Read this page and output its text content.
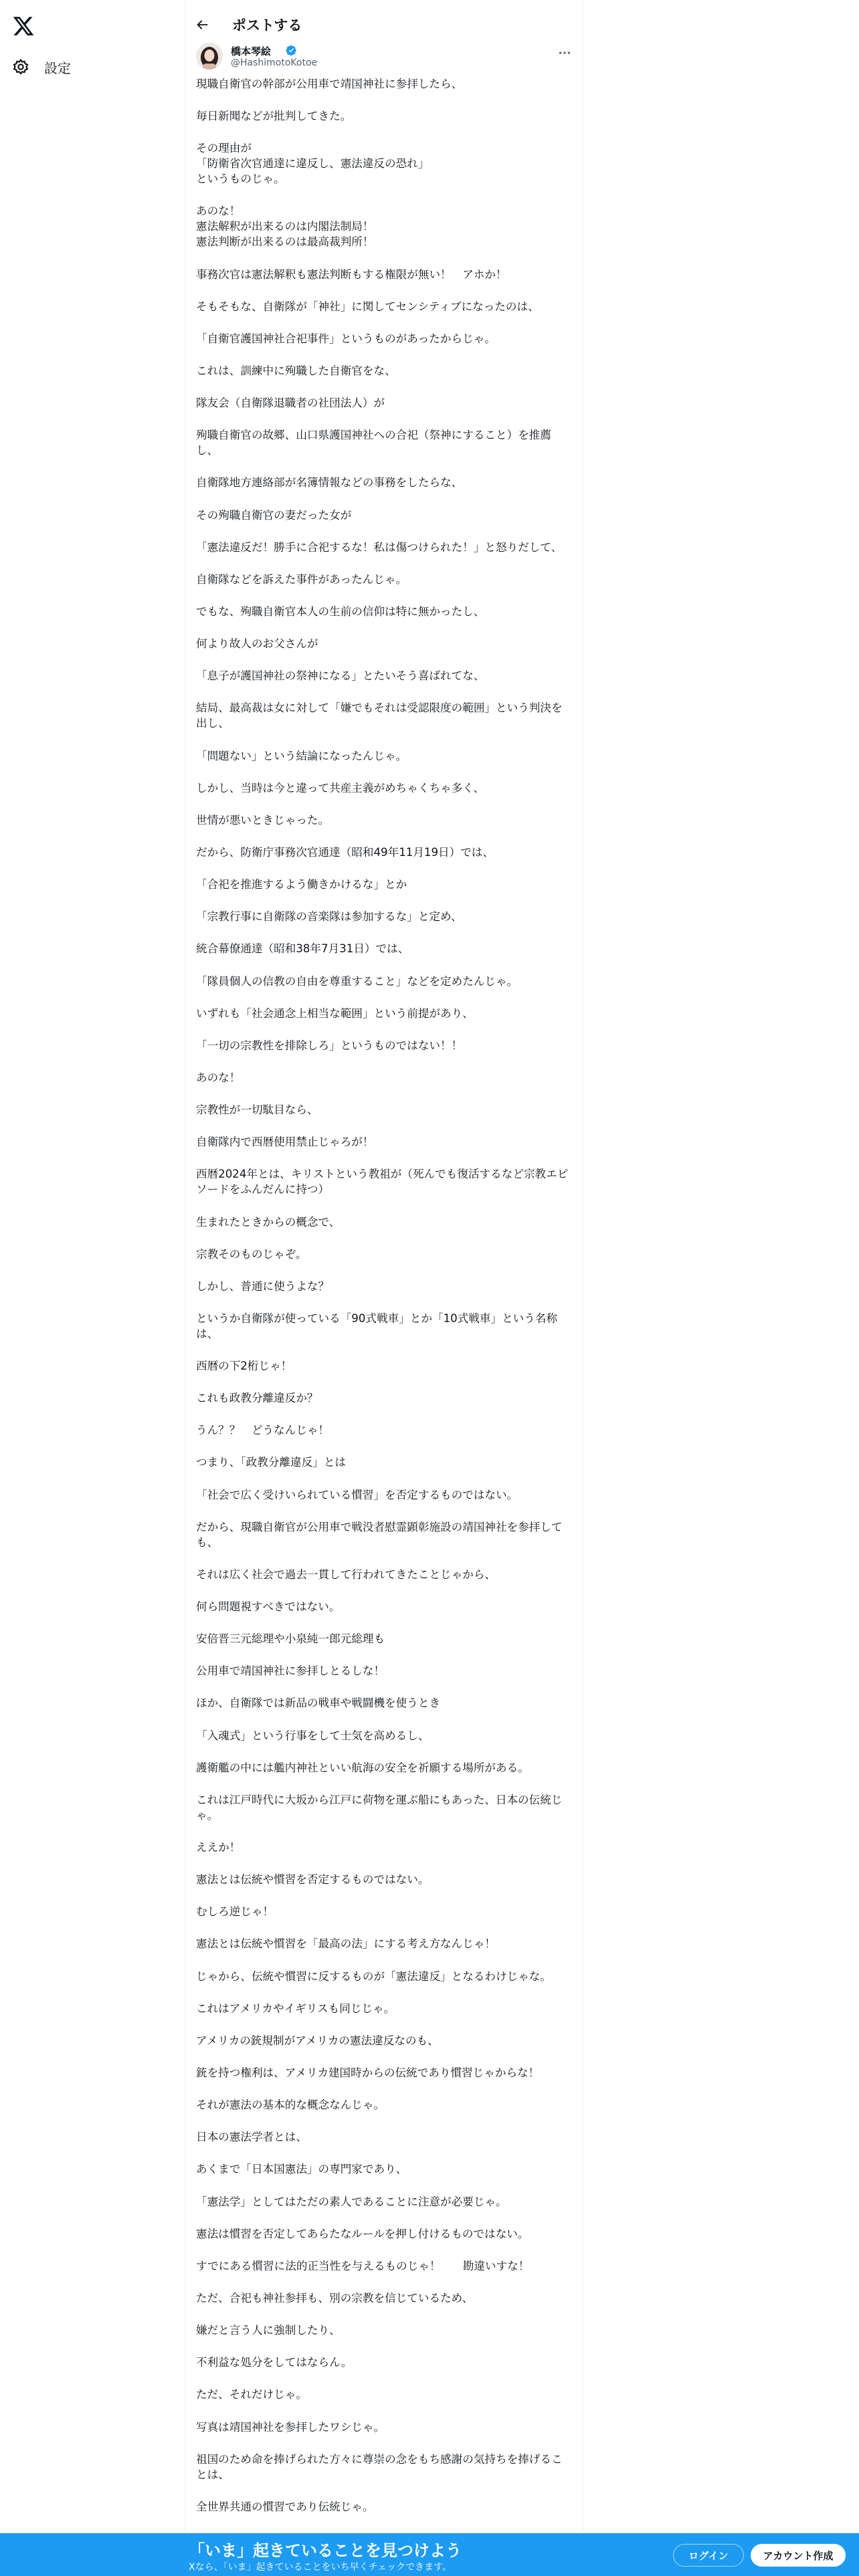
設定
ポストする
橋本琴絵
@HashimotoKotoe
現職自衛官の幹部が公用車で靖国神社に参拝したら、
毎日新聞などが批判してきた。
その理由が
「防衛省次官通達に違反し、憲法違反の恐れ」
というものじゃ。
あのな！
憲法解釈が出来るのは内閣法制局！
憲法判断が出来るのは最高裁判所！
事務次官は憲法解釈も憲法判断もする権限が無い！　アホか！
そもそもな、自衛隊が「神社」に関してセンシティブになったのは、
「自衛官護国神社合祀事件」というものがあったからじゃ。
これは、訓練中に殉職した自衛官をな、
隊友会（自衛隊退職者の社団法人）が
殉職自衛官の故郷、山口県護国神社への合祀（祭神にすること）を推薦し、
自衛隊地方連絡部が名簿情報などの事務をしたらな、
その殉職自衛官の妻だった女が
「憲法違反だ！勝手に合祀するな！私は傷つけられた！」と怒りだして、
自衛隊などを訴えた事件があったんじゃ。
でもな、殉職自衛官本人の生前の信仰は特に無かったし、
何より故人のお父さんが
「息子が護国神社の祭神になる」とたいそう喜ばれてな、
結局、最高裁は女に対して「嫌でもそれは受認限度の範囲」という判決を出し、
「問題ない」という結論になったんじゃ。
しかし、当時は今と違って共産主義がめちゃくちゃ多く、
世情が悪いときじゃった。
だから、防衛庁事務次官通達（昭和49年11月19日）では、
「合祀を推進するよう働きかけるな」とか
「宗教行事に自衛隊の音楽隊は参加するな」と定め、
統合幕僚通達（昭和38年7月31日）では、
「隊員個人の信教の自由を尊重すること」などを定めたんじゃ。
いずれも「社会通念上相当な範囲」という前提があり、
「一切の宗教性を排除しろ」というものではない！！
あのな！
宗教性が一切駄目なら、
自衛隊内で西暦使用禁止じゃろが！
西暦2024年とは、キリストという教祖が（死んでも復活するなど宗教エピソードをふんだんに持つ）
生まれたときからの概念で、
宗教そのものじゃぞ。
しかし、普通に使うよな？
というか自衛隊が使っている「90式戦車」とか「10式戦車」という名称は、
西暦の下2桁じゃ！
これも政教分離違反か？
うん？？　どうなんじゃ！
つまり、「政教分離違反」とは
「社会で広く受けいられている慣習」を否定するものではない。
だから、現職自衛官が公用車で戦没者慰霊顕彰施設の靖国神社を参拝しても、
それは広く社会で過去一貫して行われてきたことじゃから、
何ら問題視すべきではない。
安倍晋三元総理や小泉純一郎元総理も
公用車で靖国神社に参拝しとるしな！
ほか、自衛隊では新品の戦車や戦闘機を使うとき
「入魂式」という行事をして士気を高めるし、
護衛艦の中には艦内神社といい航海の安全を祈願する場所がある。
これは江戸時代に大坂から江戸に荷物を運ぶ船にもあった、日本の伝統じゃ。
ええか！
憲法とは伝統や慣習を否定するものではない。
むしろ逆じゃ！
憲法とは伝統や慣習を「最高の法」にする考え方なんじゃ！
じゃから、伝統や慣習に反するものが「憲法違反」となるわけじゃな。
これはアメリカやイギリスも同じじゃ。
アメリカの銃規制がアメリカの憲法違反なのも、
銃を持つ権利は、アメリカ建国時からの伝統であり慣習じゃからな！
それが憲法の基本的な概念なんじゃ。
日本の憲法学者とは、
あくまで「日本国憲法」の専門家であり、
「憲法学」としてはただの素人であることに注意が必要じゃ。
憲法は慣習を否定してあらたなルールを押し付けるものではない。
すでにある慣習に法的正当性を与えるものじゃ！　　勘違いすな！
ただ、合祀も神社参拝も、別の宗教を信じているため、
嫌だと言う人に強制したり、
不利益な処分をしてはならん。
ただ、それだけじゃ。
写真は靖国神社を参拝したワシじゃ。
祖国のため命を捧げられた方々に尊崇の念をもち感謝の気持ちを捧げることは、
全世界共通の慣習であり伝統じゃ。
「いま」起きていることを見つけよう
Xなら、「いま」起きていることをいち早くチェックできます。
ログイン	アカウント作成
